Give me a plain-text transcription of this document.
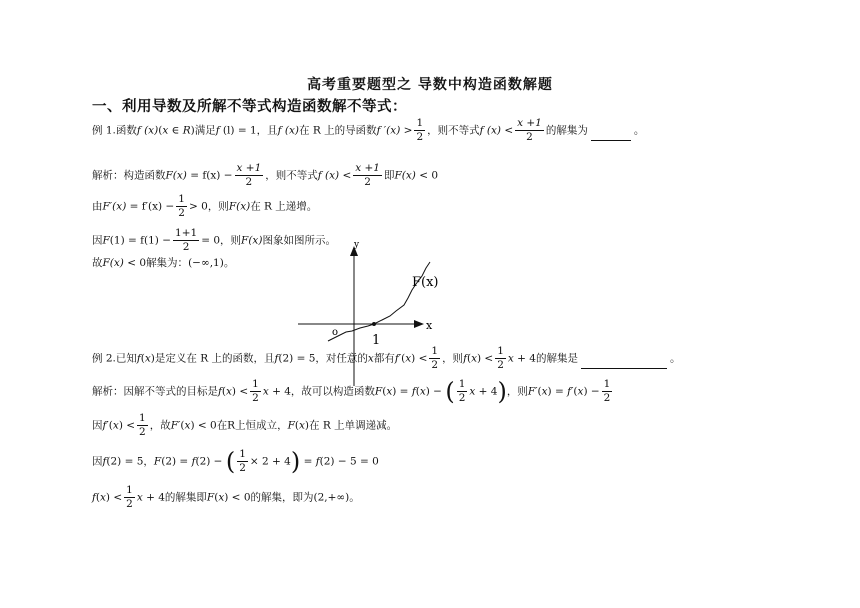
高考重要题型之 导数中构造函数解题
一、利用导数及所解不等式构造函数解不等式：
例 1.函数f (x)(x ∈ R)满足f (l) = 1，且f (x)在 R 上的导函数f $'(x) > \frac{1}{2}$ ，则不等式f $(x) < \frac{x +1}{2}$ 的解集为	。
解析：构造函数$F(x) = f(x) - \frac{x +1}{2}$ ，则不等式f $(x) < \frac{x +1}{2}$ 即F(x) < 0
由$F'(x) = f'(x) - \frac{1}{2} > 0$，则F(x)在 R 上递增。
因$F(1) = f(1) - \frac{1+1}{2} = 0$，则F(x)图象如图所示。
故F(x) < 0解集为：(−∞,1)。
y
x
o
1
F(x)
例 2.已知f(x)是定义在 R 上的函数，且f(2) = 5，对任意的x都有$f'(x) < \frac{1}{2}$ ，则$f(x) < \frac{1}{2}$ x + 4的解集是	。
解析：因解不等式的目标是$f(x) < \frac{1}{2}$ x + 4，故可以构造函数F(x) = f(x) − ( $\frac{1}{2}$ x + 4)，则$F'(x) = f'(x) - \frac{1}{2}$
因$f'(x) < \frac{1}{2}$ ，故F′(x) < 0在R上恒成立，F(x)在 R 上单调递减。
因f(2) = 5，F(2) = f(2) − ( $\frac{1}{2} \times 2 + 4) = f(2) - 5 = 0$
$f(x) < \frac{1}{2}$ x + 4的解集即F(x) < 0的解集，即为(2,+∞)。
